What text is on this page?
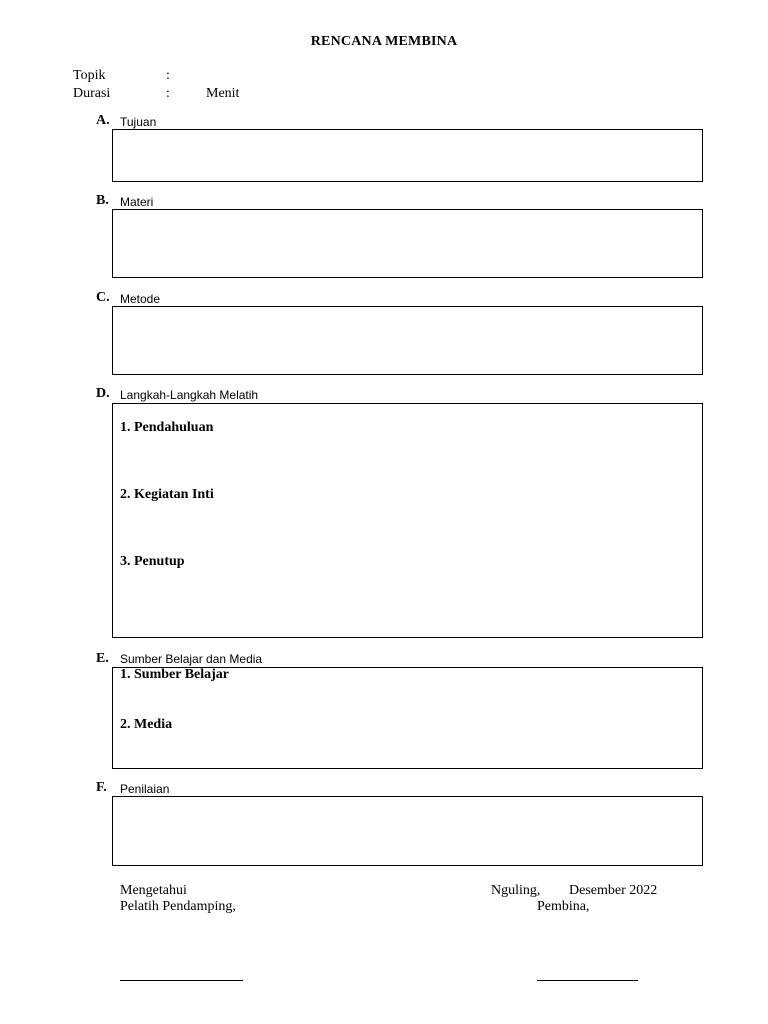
RENCANA MEMBINA
Topik	:
Durasi	:	Menit
A. Tujuan
B. Materi
C. Metode
D. Langkah-Langkah Melatih
1. Pendahuluan
2. Kegiatan Inti
3. Penutup
E. Sumber Belajar dan Media
1. Sumber Belajar
2. Media
F. Penilaian
Mengetahui
Pelatih Pendamping,
Nguling, Desember 2022
Pembina,
